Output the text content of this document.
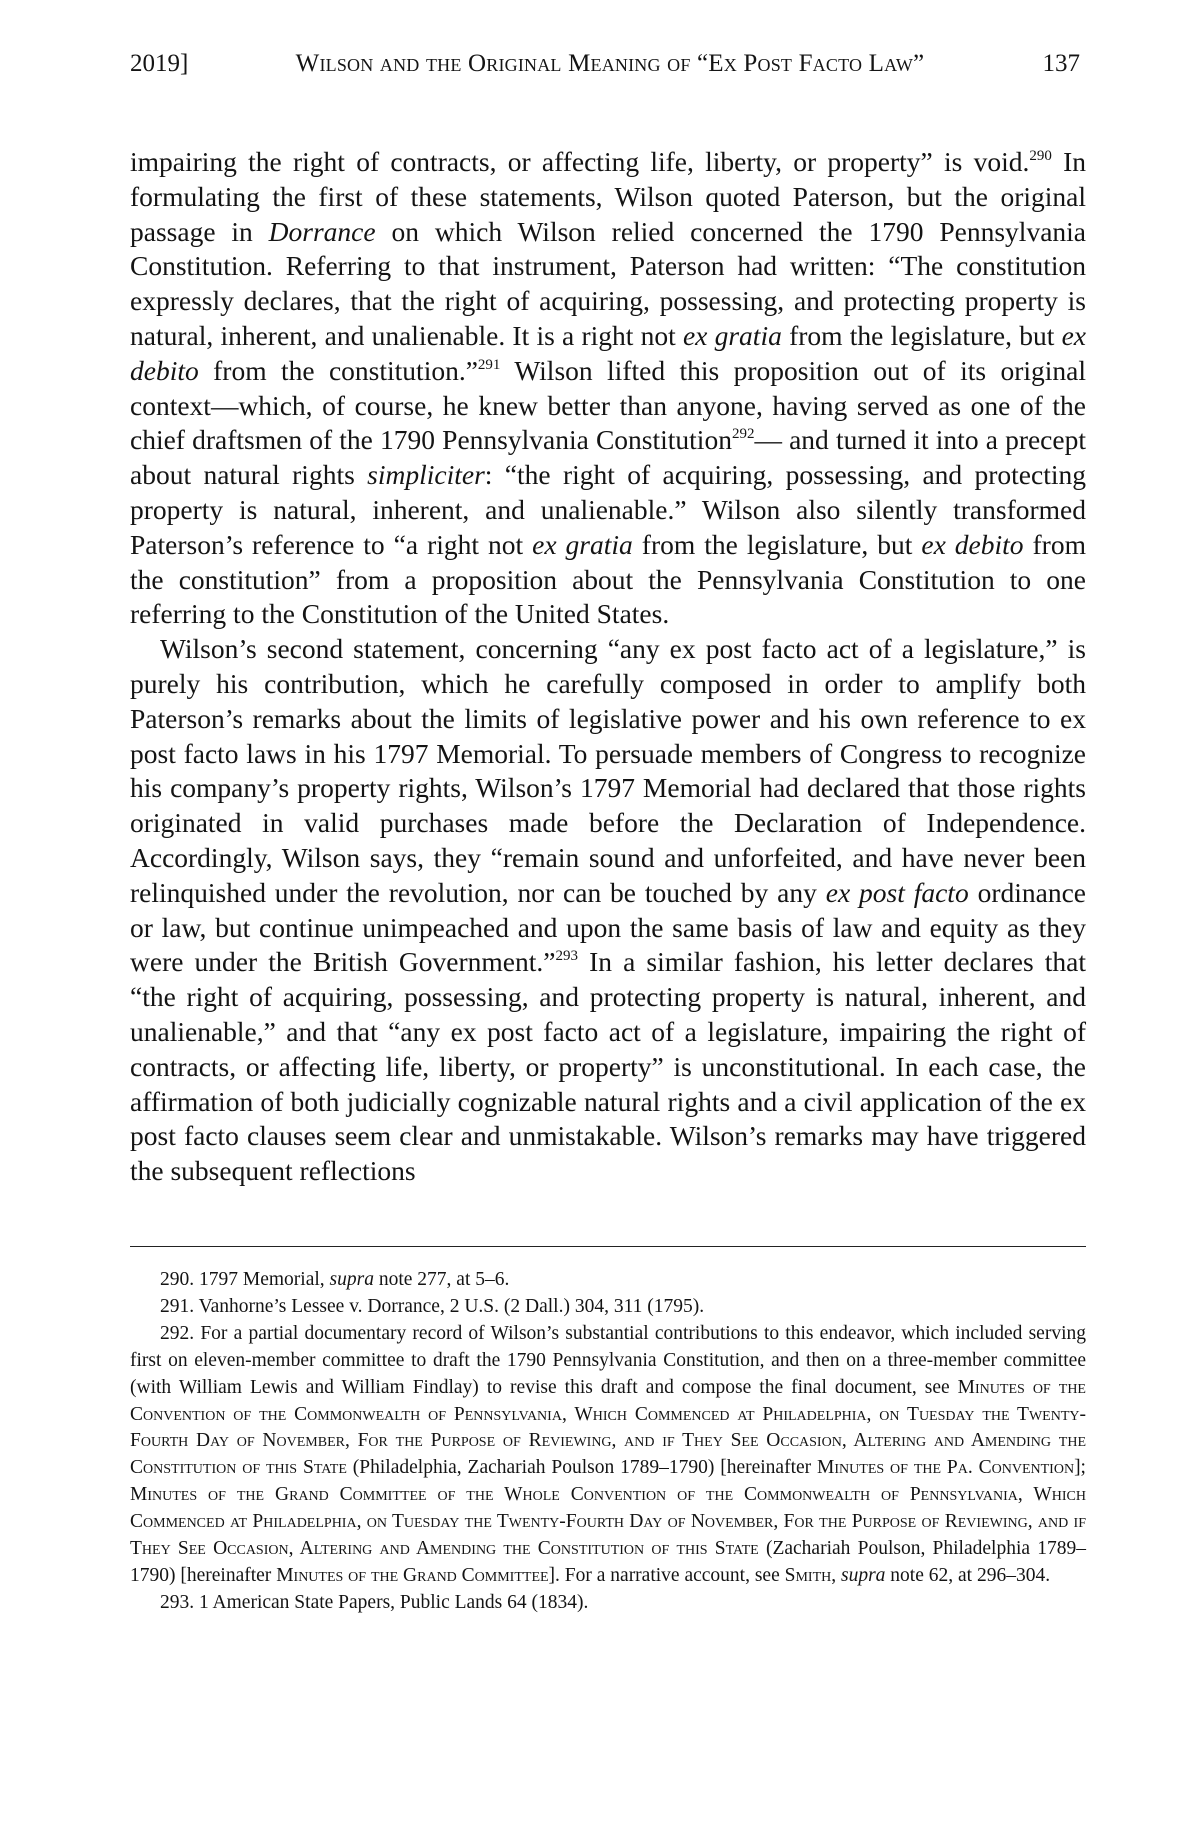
2019]	Wilson and the Original Meaning of “Ex Post Facto Law”	137

impairing the right of contracts, or affecting life, liberty, or property” is void.$^{290}$ In formulating the first of these statements, Wilson quoted Paterson, but the original passage in Dorrance on which Wilson relied concerned the 1790 Pennsylvania Constitution. Referring to that instrument, Paterson had written: “The constitution expressly declares, that the right of acquiring, possessing, and protecting property is natural, inherent, and unalienable. It is a right not ex gratia from the legislature, but ex debito from the constitution.”$^{291}$ Wilson lifted this proposition out of its original context—which, of course, he knew better than anyone, having served as one of the chief draftsmen of the 1790 Pennsylvania Constitution$^{292}$— and turned it into a precept about natural rights simpliciter: “the right of acquiring, possessing, and protecting property is natural, inherent, and unalienable.” Wilson also silently transformed Paterson’s reference to “a right not ex gratia from the legislature, but ex debito from the constitution” from a proposition about the Pennsylvania Constitution to one referring to the Constitution of the United States.

Wilson’s second statement, concerning “any ex post facto act of a legislature,” is purely his contribution, which he carefully composed in order to amplify both Paterson’s remarks about the limits of legislative power and his own reference to ex post facto laws in his 1797 Memorial. To persuade members of Congress to recognize his company’s property rights, Wilson’s 1797 Memorial had declared that those rights originated in valid purchases made before the Declaration of Independence. Accordingly, Wilson says, they “remain sound and unforfeited, and have never been relinquished under the revolution, nor can be touched by any ex post facto ordinance or law, but continue unimpeached and upon the same basis of law and equity as they were under the British Government.”$^{293}$ In a similar fashion, his letter declares that “the right of acquiring, possessing, and protecting property is natural, inherent, and unalienable,” and that “any ex post facto act of a legislature, impairing the right of contracts, or affecting life, liberty, or property” is unconstitutional. In each case, the affirmation of both judicially cognizable natural rights and a civil application of the ex post facto clauses seem clear and unmistakable. Wilson’s remarks may have triggered the subsequent reflections

290. 1797 Memorial, supra note 277, at 5–6.

291. Vanhorne’s Lessee v. Dorrance, 2 U.S. (2 Dall.) 304, 311 (1795).

292. For a partial documentary record of Wilson’s substantial contributions to this endeavor, which included serving first on eleven-member committee to draft the 1790 Pennsylvania Constitution, and then on a three-member committee (with William Lewis and William Findlay) to revise this draft and compose the final document, see Minutes of the Convention of the Commonwealth of Pennsylvania, Which Commenced at Philadelphia, on Tuesday the Twenty-Fourth Day of November, For the Purpose of Reviewing, and if They See Occasion, Altering and Amending the Constitution of this State (Philadelphia, Zachariah Poulson 1789–1790) [hereinafter Minutes of the Pa. Convention]; Minutes of the Grand Committee of the Whole Convention of the Commonwealth of Pennsylvania, Which Commenced at Philadelphia, on Tuesday the Twenty-Fourth Day of November, For the Purpose of Reviewing, and if They See Occasion, Altering and Amending the Constitution of this State (Zachariah Poulson, Philadelphia 1789–1790) [hereinafter Minutes of the Grand Committee]. For a narrative account, see Smith, supra note 62, at 296–304.

293. 1 American State Papers, Public Lands 64 (1834).
